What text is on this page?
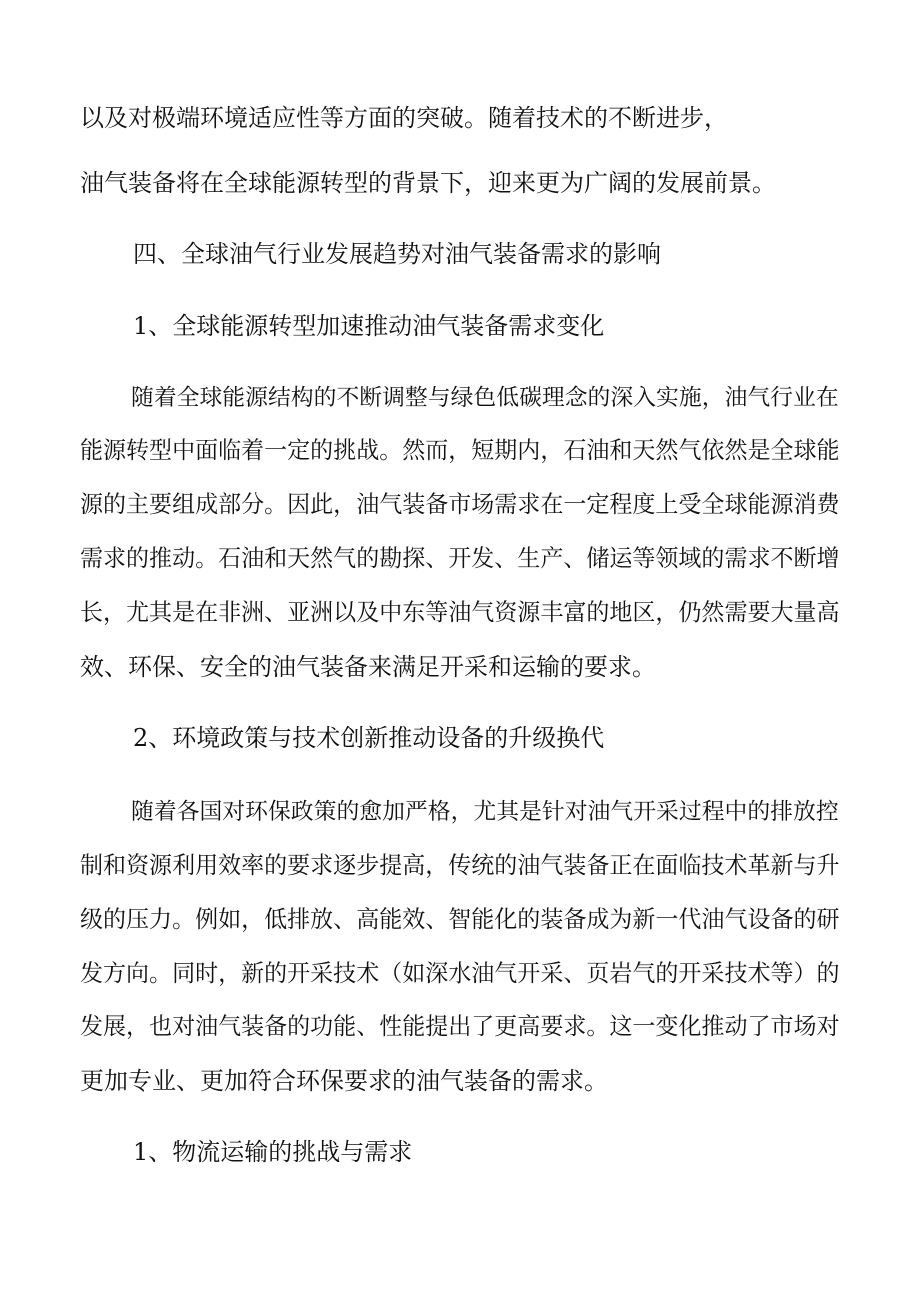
以及对极端环境适应性等方面的突破。随着技术的不断进步，
油气装备将在全球能源转型的背景下，迎来更为广阔的发展前景。
四、全球油气行业发展趋势对油气装备需求的影响
1、全球能源转型加速推动油气装备需求变化
随着全球能源结构的不断调整与绿色低碳理念的深入实施，油气行业在
能源转型中面临着一定的挑战。然而，短期内，石油和天然气依然是全球能
源的主要组成部分。因此，油气装备市场需求在一定程度上受全球能源消费
需求的推动。石油和天然气的勘探、开发、生产、储运等领域的需求不断增
长，尤其是在非洲、亚洲以及中东等油气资源丰富的地区，仍然需要大量高
效、环保、安全的油气装备来满足开采和运输的要求。
2、环境政策与技术创新推动设备的升级换代
随着各国对环保政策的愈加严格，尤其是针对油气开采过程中的排放控
制和资源利用效率的要求逐步提高，传统的油气装备正在面临技术革新与升
级的压力。例如，低排放、高能效、智能化的装备成为新一代油气设备的研
发方向。同时，新的开采技术（如深水油气开采、页岩气的开采技术等）的
发展，也对油气装备的功能、性能提出了更高要求。这一变化推动了市场对
更加专业、更加符合环保要求的油气装备的需求。
1、物流运输的挑战与需求
